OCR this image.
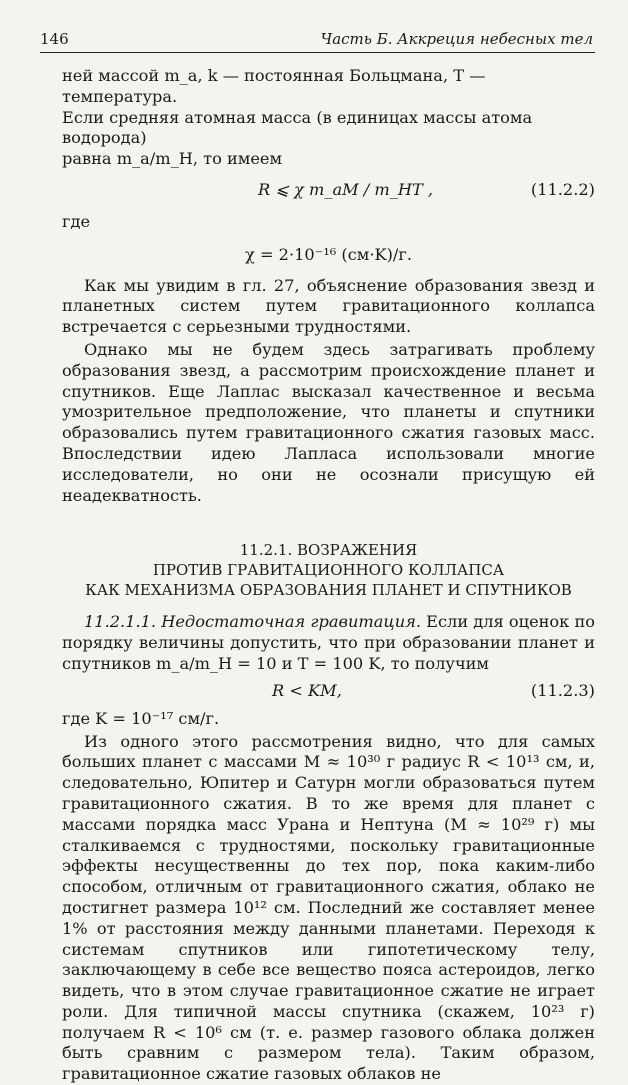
146	Часть Б. Аккреция небесных тел

ней массой m_a, k — постоянная Больцмана, T — температура.

Если средняя атомная масса (в единицах массы атома водорода)

равна m_a/m_H, то имеем

R ⩽ χ m_aM / m_HT ,	(11.2.2)

где

χ = 2·10⁻¹⁶ (см·K)/г.

Как мы увидим в гл. 27, объяснение образования звезд и планетных систем путем гравитационного коллапса встречается с серьезными трудностями.

Однако мы не будем здесь затрагивать проблему образования звезд, а рассмотрим происхождение планет и спутников. Еще Лаплас высказал качественное и весьма умозрительное предположение, что планеты и спутники образовались путем гравитационного сжатия газовых масс. Впоследствии идею Лапласа использовали многие исследователи, но они не осознали присущую ей неадекватность.

11.2.1. ВОЗРАЖЕНИЯ
ПРОТИВ ГРАВИТАЦИОННОГО КОЛЛАПСА
КАК МЕХАНИЗМА ОБРАЗОВАНИЯ ПЛАНЕТ И СПУТНИКОВ

11.2.1.1. Недостаточная гравитация. Если для оценок по порядку величины допустить, что при образовании планет и спутников m_a/m_H = 10 и T = 100 K, то получим

R < KM,	(11.2.3)

где K = 10⁻¹⁷ см/г.

Из одного этого рассмотрения видно, что для самых больших планет с массами M ≈ 10³⁰ г радиус R < 10¹³ см, и, следовательно, Юпитер и Сатурн могли образоваться путем гравитационного сжатия. В то же время для планет с массами порядка масс Урана и Нептуна (M ≈ 10²⁹ г) мы сталкиваемся с трудностями, поскольку гравитационные эффекты несущественны до тех пор, пока каким-либо способом, отличным от гравитационного сжатия, облако не достигнет размера 10¹² см. Последний же составляет менее 1% от расстояния между данными планетами. Переходя к системам спутников или гипотетическому телу, заключающему в себе все вещество пояса астероидов, легко видеть, что в этом случае гравитационное сжатие не играет роли. Для типичной массы спутника (скажем, 10²³ г) получаем R < 10⁶ см (т. е. размер газового облака должен быть сравним с размером тела). Таким образом, гравитационное сжатие газовых облаков не
